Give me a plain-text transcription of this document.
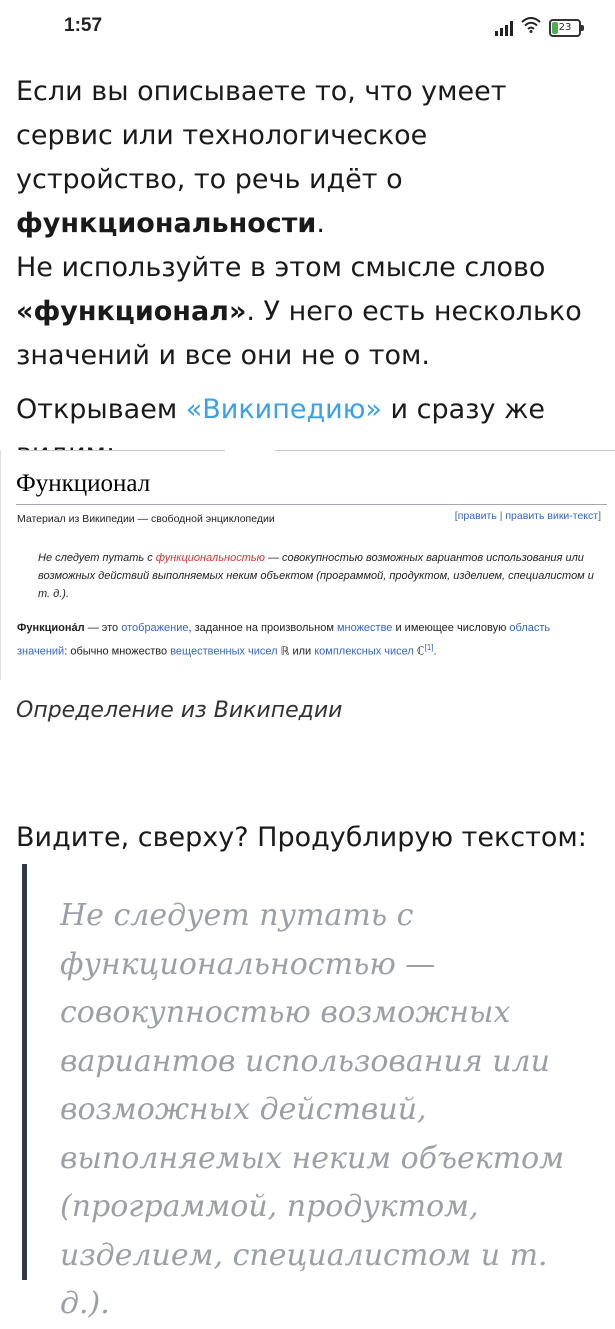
1:57	23

Если вы описываете то, что умеет сервис или технологическое устройство, то речь идёт о функциональности.
Не используйте в этом смысле слово «функционал». У него есть несколько значений и все они не о том.

Открываем «Википедию» и сразу же

Функционал
Материал из Википедии — свободной энциклопедии	[править | править вики-текст]
Не следует путать с функциональностью — совокупностью возможных вариантов использования или возможных действий выполняемых неким объектом (программой, продуктом, изделием, специалистом и т. д.).
Функциона́л — это отображение, заданное на произвольном множестве и имеющее числовую область значений: обычно множество вещественных чисел ℝ или комплексных чисел ℂ[1].
Определение из Википедии

Видите, сверху? Продублирую текстом:

Не следует путать с функциональностью — совокупностью возможных вариантов использования или возможных действий, выполняемых неким объектом (программой, продуктом, изделием, специалистом и т. д.).
